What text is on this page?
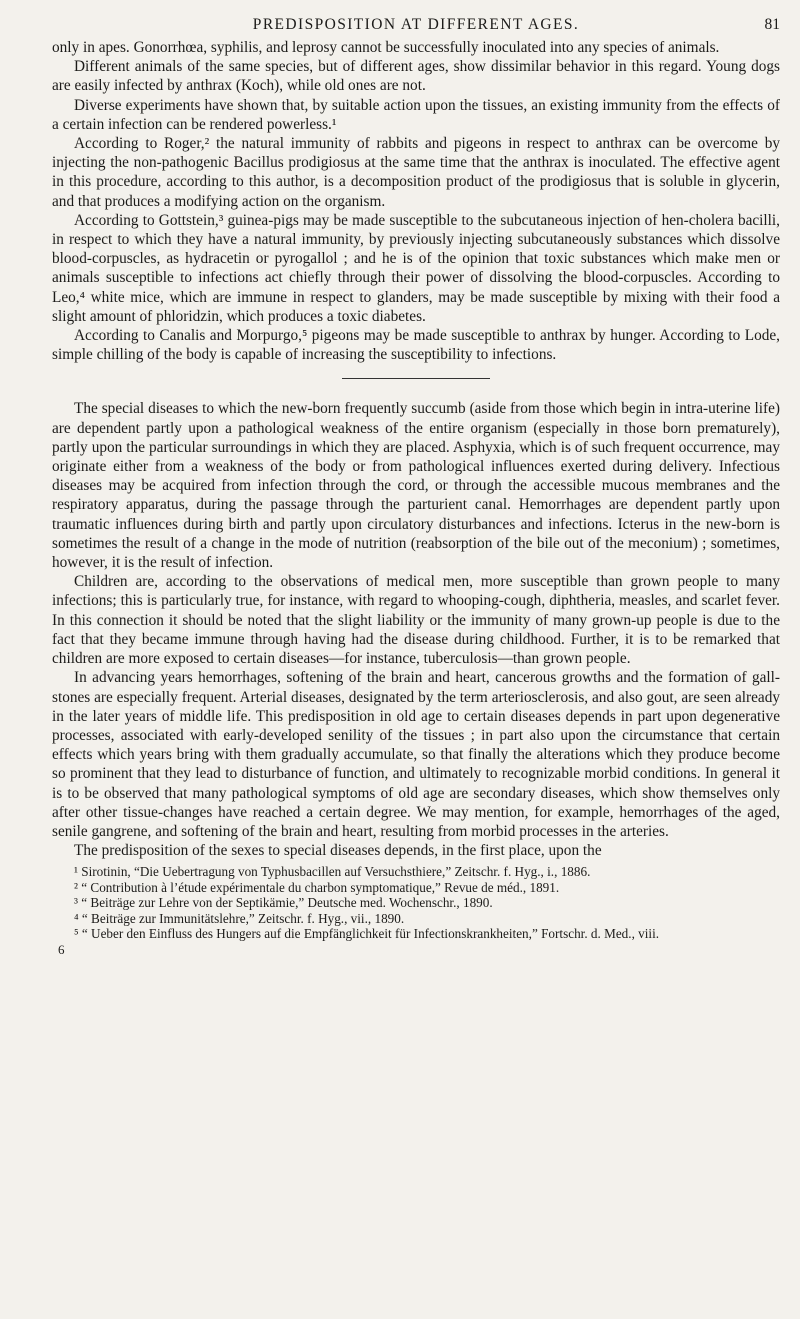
PREDISPOSITION AT DIFFERENT AGES.	81

only in apes. Gonorrhœa, syphilis, and leprosy cannot be successfully inoculated into any species of animals.

Different animals of the same species, but of different ages, show dissimilar behavior in this regard. Young dogs are easily infected by anthrax (Koch), while old ones are not.

Diverse experiments have shown that, by suitable action upon the tissues, an existing immunity from the effects of a certain infection can be rendered powerless.¹

According to Roger,² the natural immunity of rabbits and pigeons in respect to anthrax can be overcome by injecting the non-pathogenic Bacillus prodigiosus at the same time that the anthrax is inoculated. The effective agent in this procedure, according to this author, is a decomposition product of the prodigiosus that is soluble in glycerin, and that produces a modifying action on the organism.

According to Gottstein,³ guinea-pigs may be made susceptible to the subcutaneous injection of hen-cholera bacilli, in respect to which they have a natural immunity, by previously injecting subcutaneously substances which dissolve blood-corpuscles, as hydracetin or pyrogallol ; and he is of the opinion that toxic substances which make men or animals susceptible to infections act chiefly through their power of dissolving the blood-corpuscles. According to Leo,⁴ white mice, which are immune in respect to glanders, may be made susceptible by mixing with their food a slight amount of phloridzin, which produces a toxic diabetes.

According to Canalis and Morpurgo,⁵ pigeons may be made susceptible to anthrax by hunger. According to Lode, simple chilling of the body is capable of increasing the susceptibility to infections.

The special diseases to which the new-born frequently succumb (aside from those which begin in intra-uterine life) are dependent partly upon a pathological weakness of the entire organism (especially in those born prematurely), partly upon the particular surroundings in which they are placed. Asphyxia, which is of such frequent occurrence, may originate either from a weakness of the body or from pathological influences exerted during delivery. Infectious diseases may be acquired from infection through the cord, or through the accessible mucous membranes and the respiratory apparatus, during the passage through the parturient canal. Hemorrhages are dependent partly upon traumatic influences during birth and partly upon circulatory disturbances and infections. Icterus in the new-born is sometimes the result of a change in the mode of nutrition (reabsorption of the bile out of the meconium) ; sometimes, however, it is the result of infection.

Children are, according to the observations of medical men, more susceptible than grown people to many infections; this is particularly true, for instance, with regard to whooping-cough, diphtheria, measles, and scarlet fever. In this connection it should be noted that the slight liability or the immunity of many grown-up people is due to the fact that they became immune through having had the disease during childhood. Further, it is to be remarked that children are more exposed to certain diseases—for instance, tuberculosis—than grown people.

In advancing years hemorrhages, softening of the brain and heart, cancerous growths and the formation of gall-stones are especially frequent. Arterial diseases, designated by the term arteriosclerosis, and also gout, are seen already in the later years of middle life. This predisposition in old age to certain diseases depends in part upon degenerative processes, associated with early-developed senility of the tissues ; in part also upon the circumstance that certain effects which years bring with them gradually accumulate, so that finally the alterations which they produce become so prominent that they lead to disturbance of function, and ultimately to recognizable morbid conditions. In general it is to be observed that many pathological symptoms of old age are secondary diseases, which show themselves only after other tissue-changes have reached a certain degree. We may mention, for example, hemorrhages of the aged, senile gangrene, and softening of the brain and heart, resulting from morbid processes in the arteries.

The predisposition of the sexes to special diseases depends, in the first place, upon the

¹ Sirotinin, “Die Uebertragung von Typhusbacillen auf Versuchsthiere,” Zeitschr. f. Hyg., i., 1886.

² “ Contribution à l’étude expérimentale du charbon symptomatique,” Revue de méd., 1891.

³ “ Beiträge zur Lehre von der Septikämie,” Deutsche med. Wochenschr., 1890.

⁴ “ Beiträge zur Immunitätslehre,” Zeitschr. f. Hyg., vii., 1890.

⁵ “ Ueber den Einfluss des Hungers auf die Empfänglichkeit für Infectionskrankheiten,” Fortschr. d. Med., viii.

6
